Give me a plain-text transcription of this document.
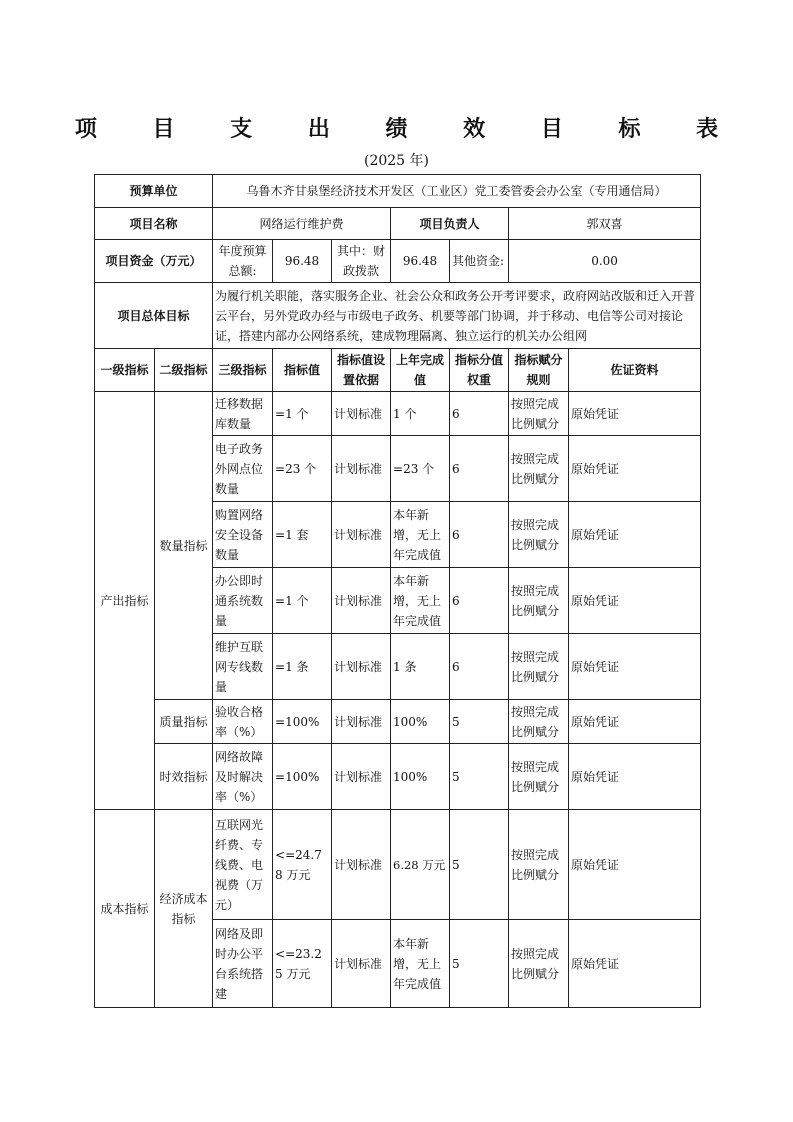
项 目 支 出 绩 效 目 标 表
(2025 年)
预算单位		乌鲁木齐甘泉堡经济技术开发区（工业区）党工委管委会办公室（专用通信局）						
项目名称		网络运行维护费			项目负责人		郭双喜	
项目资金（万元）		年度预算总额:	96.48	其中：财政拨款	96.48	其他资金:	0.00	
项目总体目标		为履行机关职能，落实服务企业、社会公众和政务公开考评要求，政府网站改版和迁入开普云平台，另外党政办经与市级电子政务、机要等部门协调，并于移动、电信等公司对接论证，搭建内部办公网络系统，建成物理隔离、独立运行的机关办公组网						
一级指标	二级指标	三级指标	指标值	指标值设置依据	上年完成值	指标分值权重	指标赋分规则	佐证资料
产出指标	数量指标	迁移数据库数量	=1 个	计划标准	1 个	6	按照完成比例赋分	原始凭证
		电子政务外网点位数量	=23 个	计划标准	=23 个	6	按照完成比例赋分	原始凭证
		购置网络安全设备数量	=1 套	计划标准	本年新增，无上年完成值	6	按照完成比例赋分	原始凭证
		办公即时通系统数量	=1 个	计划标准	本年新增，无上年完成值	6	按照完成比例赋分	原始凭证
		维护互联网专线数量	=1 条	计划标准	1 条	6	按照完成比例赋分	原始凭证
	质量指标	验收合格率（%）	=100%	计划标准	100%	5	按照完成比例赋分	原始凭证
	时效指标	网络故障及时解决率（%）	=100%	计划标准	100%	5	按照完成比例赋分	原始凭证
成本指标	经济成本指标	互联网光纤费、专线费、电视费（万元）	<=24.78 万元	计划标准	6.28 万元	5	按照完成比例赋分	原始凭证
		网络及即时办公平台系统搭建	<=23.25 万元	计划标准	本年新增，无上年完成值	5	按照完成比例赋分	原始凭证
